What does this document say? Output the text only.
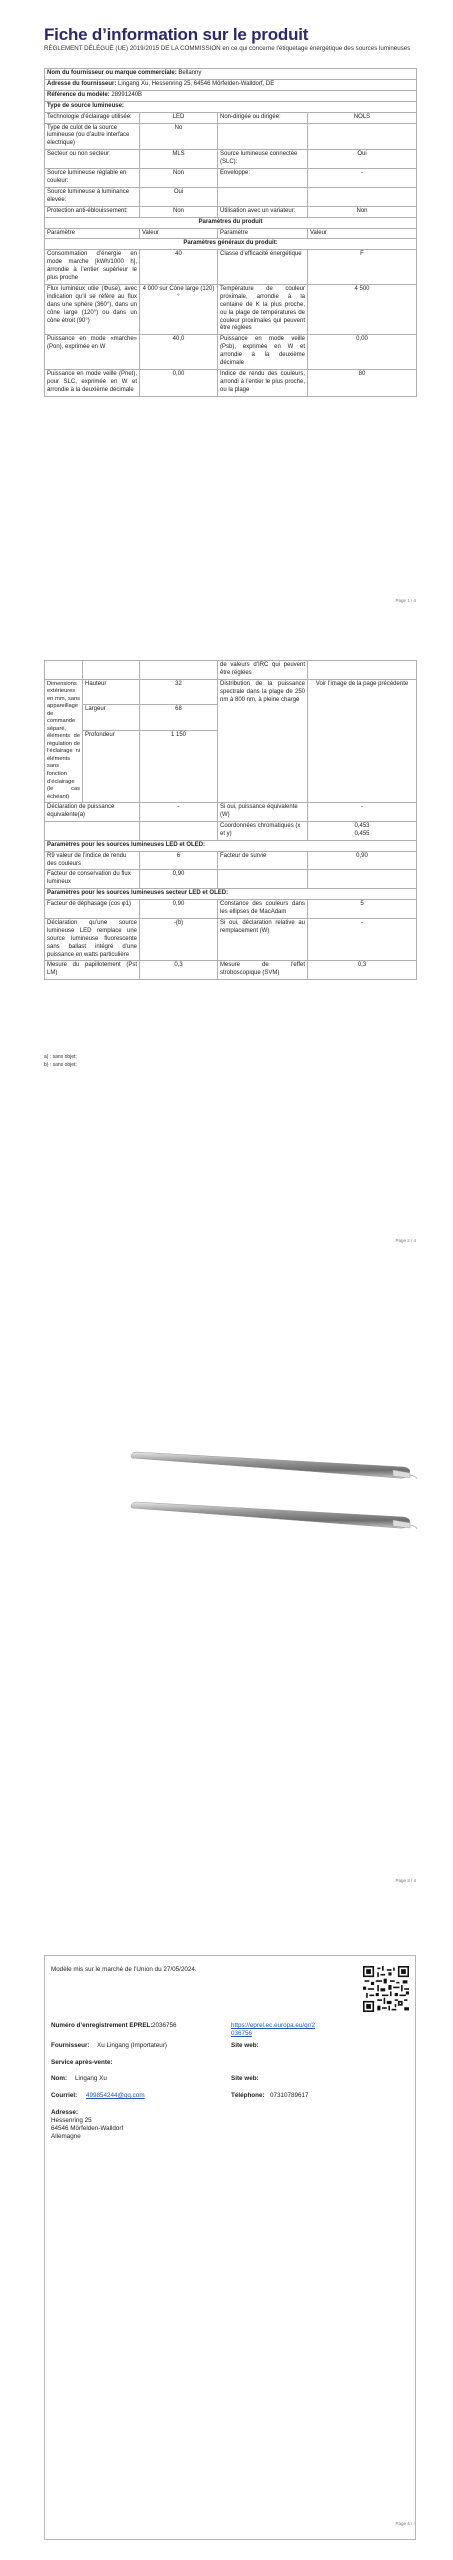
Fiche d’information sur le produit
RÈGLEMENT DÉLÉGUÉ (UE) 2019/2015 DE LA COMMISSION en ce qui concerne l'étiquetage énergétique des sources lumineuses
Nom du fournisseur ou marque commerciale: Bellanny			
Adresse du fournisseur: Lingang Xu, Hessenring 25, 64546 Mörfelden-Walldorf, DE			
Référence du modèle: 28991240B			
Type de source lumineuse:			
Technologie d’éclairage utilisée:	LED	Non-dirigée ou dirigée:	NOLS
Type de culot de la source lumineuse (ou d’autre interface électrique)	No		
Secteur ou non secteur:	MLS	Source lumineuse connectée (SLC):	Oui
Source lumineuse réglable en couleur:	Non	Enveloppe:	-
Source lumineuse à luminance élevée:	Oui		
Protection anti-éblouissement:	Non	Utilisation avec un variateur:	Non
Paramètres du produit			
Paramètre	Valeur	Paramètre	Valeur
Paramètres généraux du produit:			
Consommation d’énergie en mode marche [kWh/1000 h], arrondie à l’entier supérieur le plus proche	40	Classe d’efficacité énergétique	F
Flux lumineux utile (Φuse), avec indication qu’il se réfère au flux dans une sphère (360°), dans un cône large (120°) ou dans un cône étroit (90°)	4 000 sur Cône large (120)°	Température de couleur proximale, arrondie à la centaine de K la plus proche, ou la plage de températures de couleur proximales qui peuvent être réglées	4 500
Puissance en mode «marche» (Pon), exprimée en W	40,0	Puissance en mode veille (Psb), exprimée en W et arrondie à la deuxième décimale	0,00
Puissance en mode veille (Pnet), pour SLC, exprimée en W et arrondie à la deuxième décimale	0,00	Indice de rendu des couleurs, arrondi à l’entier le plus proche, ou la plage	80
Page 1 / 4
			de valeurs d’IRC qui peuvent être réglées	
Dimensions extérieures en mm, sans appareillage de commande séparé, éléments de régulation de l’éclairage ni éléments sans fonction d’éclairage (le cas échéant)	Hauteur	32	Distribution de la puissance spectrale dans la plage de 250 nm à 800 nm, à pleine charge	Voir l’image de la page précédente
	Largeur	68		
	Profondeur	1 150		
Déclaration de puissance équivalente(a)		-	Si oui, puissance équivalente (W)	-
			Coordonnées chromatiques (x et y)	0,453
0,455
Paramètres pour les sources lumineuses LED et OLED:				
R9 valeur de l’indice de rendu des couleurs		6	Facteur de survie	0,90
Facteur de conservation du flux lumineux		0,90		
Paramètres pour les sources lumineuses secteur LED et OLED:				
Facteur de déphasage (cos φ1)		0,90	Constance des couleurs dans les ellipses de MacAdam	5
Déclaration qu’une source lumineuse LED remplace une source lumineuse fluorescente sans ballast intégré d’une puissance en watts particulière		-(b)	Si oui, déclaration relative au remplacement (W)	-
Mesure du papillotement (Pst LM)		0,3	Mesure de l’effet stroboscopique (SVM)	0,3
a) : sans objet;
b) : sans objet;
Page 2 / 4
Page 3 / 4
Page 4 / 4
Modèle mis sur le marché de l’Union du 27/05/2024.
Numéro d’enregistrement EPREL: 2036756	https://eprel.ec.europa.eu/qr/2036756
Fournisseur: Xu Lingang (Importateur)	Site web:
Service après-vente:
Nom: Lingang Xu	Site web:
Courriel: 499854244@qq.com	Téléphone: 07310789617
Adresse:
Hessenring 25
64546 Mörfelden-Walldorf
Allemagne
